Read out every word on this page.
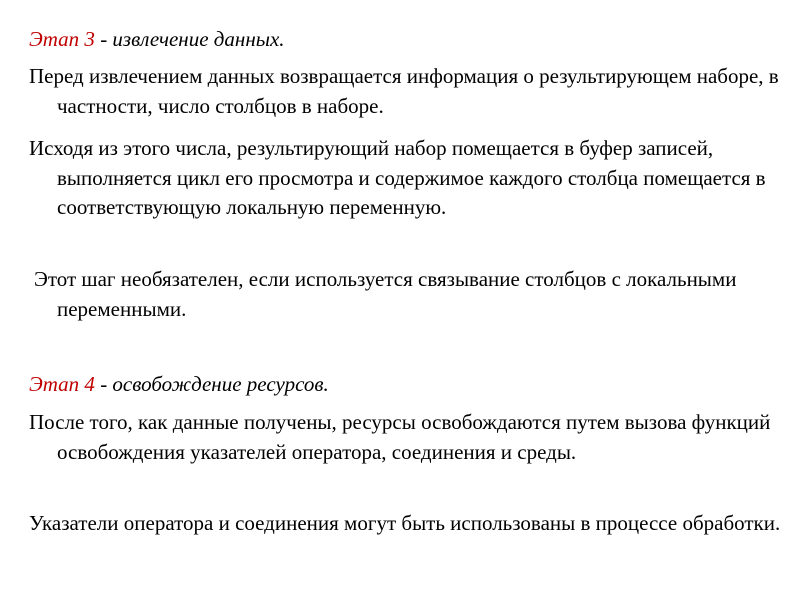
Этап 3 - извлечение данных.

Перед извлечением данных возвращается информация о результирующем наборе, в частности, число столбцов в наборе.

Исходя из этого числа, результирующий набор помещается в буфер записей, выполняется цикл его просмотра и содержимое каждого столбца помещается в соответствующую локальную переменную.

Этот шаг необязателен, если используется связывание столбцов с локальными переменными.

Этап 4 - освобождение ресурсов.

После того, как данные получены, ресурсы освобождаются путем вызова функций освобождения указателей оператора, соединения и среды.

Указатели оператора и соединения могут быть использованы в процессе обработки.
